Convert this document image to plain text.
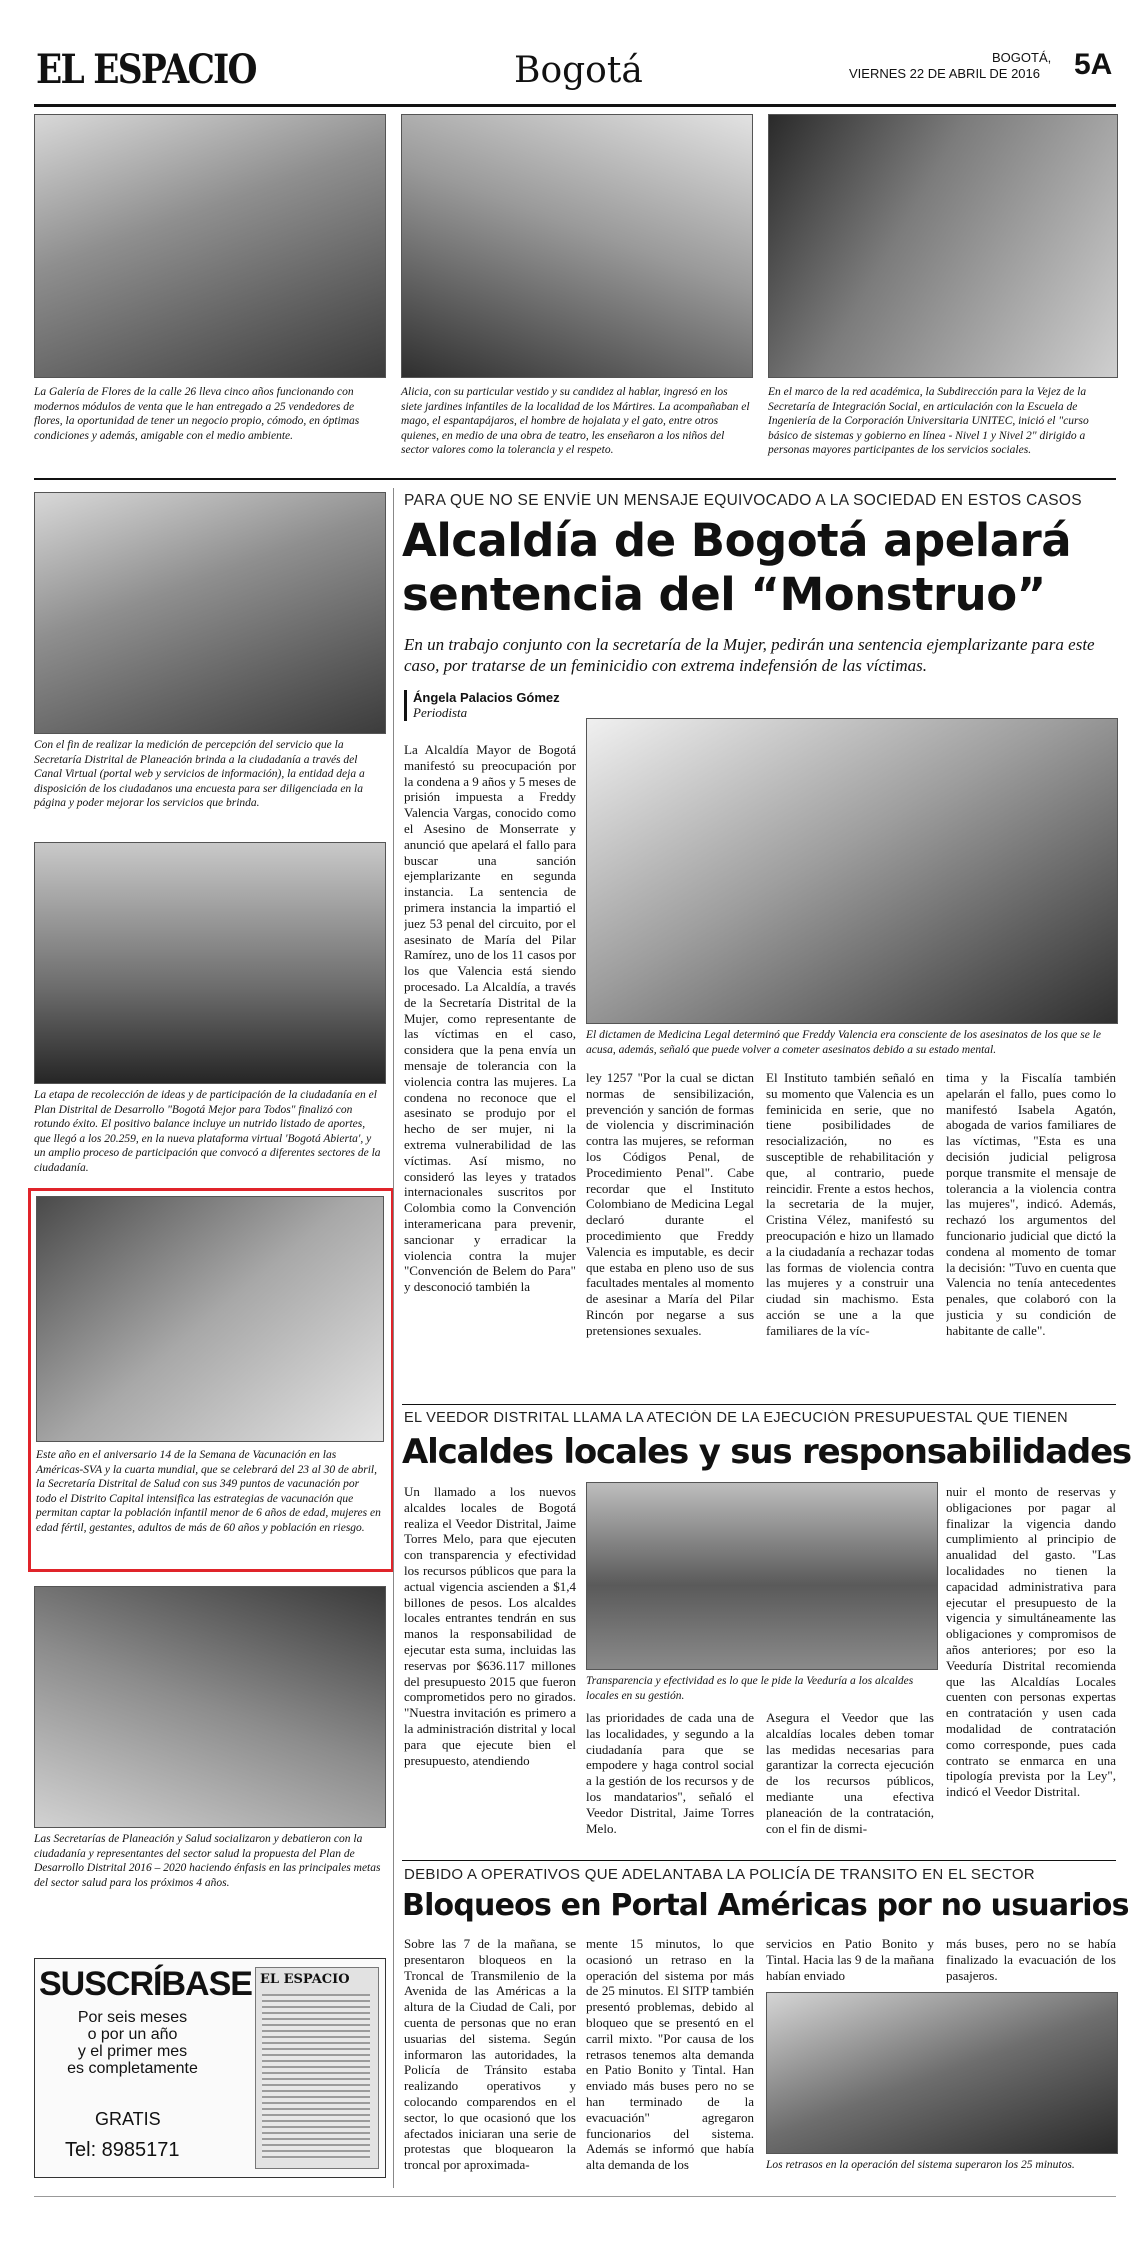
EL ESPACIO	Bogotá	BOGOTÁ,
VIERNES 22 DE ABRIL DE 2016 5A
La Galería de Flores de la calle 26 lleva cinco años funcionando con modernos módulos de venta que le han entregado a 25 vendedores de flores, la oportunidad de tener un negocio propio, cómodo, en óptimas condiciones y además, amigable con el medio ambiente.
Alicia, con su particular vestido y su candidez al hablar, ingresó en los siete jardines infantiles de la localidad de los Mártires. La acompañaban el mago, el espantapájaros, el hombre de hojalata y el gato, entre otros quienes, en medio de una obra de teatro, les enseñaron a los niños del sector valores como la tolerancia y el respeto.
En el marco de la red académica, la Subdirección para la Vejez de la Secretaría de Integración Social, en articulación con la Escuela de Ingeniería de la Corporación Universitaria UNITEC, inició el "curso básico de sistemas y gobierno en línea - Nivel 1 y Nivel 2" dirigido a personas mayores participantes de los servicios sociales.
Con el fin de realizar la medición de percepción del servicio que la Secretaría Distrital de Planeación brinda a la ciudadanía a través del Canal Virtual (portal web y servicios de información), la entidad deja a disposición de los ciudadanos una encuesta para ser diligenciada en la página y poder mejorar los servicios que brinda.
La etapa de recolección de ideas y de participación de la ciudadanía en el Plan Distrital de Desarrollo "Bogotá Mejor para Todos" finalizó con rotundo éxito. El positivo balance incluye un nutrido listado de aportes, que llegó a los 20.259, en la nueva plataforma virtual 'Bogotá Abierta', y un amplio proceso de participación que convocó a diferentes sectores de la ciudadanía.
Este año en el aniversario 14 de la Semana de Vacunación en las Américas-SVA y la cuarta mundial, que se celebrará del 23 al 30 de abril, la Secretaría Distrital de Salud con sus 349 puntos de vacunación por todo el Distrito Capital intensifica las estrategias de vacunación que permitan captar la población infantil menor de 6 años de edad, mujeres en edad fértil, gestantes, adultos de más de 60 años y población en riesgo.
Las Secretarías de Planeación y Salud socializaron y debatieron con la ciudadanía y representantes del sector salud la propuesta del Plan de Desarrollo Distrital 2016 – 2020 haciendo énfasis en las principales metas del sector salud para los próximos 4 años.
SUSCRÍBASE
Por seis meses
o por un año
y el primer mes
es completamente
GRATIS
Tel: 8985171
EL ESPACIO
PARA QUE NO SE ENVÍE UN MENSAJE EQUIVOCADO A LA SOCIEDAD EN ESTOS CASOS
Alcaldía de Bogotá apelará
sentencia del “Monstruo”
En un trabajo conjunto con la secretaría de la Mujer, pedirán una sentencia ejemplarizante para este caso, por tratarse de un feminicidio con extrema indefensión de las víctimas.
Ángela Palacios Gómez
Periodista
La Alcaldía Mayor de Bogotá manifestó su preocupación por la condena a 9 años y 5 meses de prisión impuesta a Freddy Valencia Vargas, conocido como el Asesino de Monserrate y anunció que apelará el fallo para buscar una sanción ejemplarizante en segunda instancia. La sentencia de primera instancia la impartió el juez 53 penal del circuito, por el asesinato de María del Pilar Ramírez, uno de los 11 casos por los que Valencia está siendo procesado. La Alcaldía, a través de la Secretaría Distrital de la Mujer, como representante de las víctimas en el caso, considera que la pena envía un mensaje de tolerancia con la violencia contra las mujeres. La condena no reconoce que el asesinato se produjo por el hecho de ser mujer, ni la extrema vulnerabilidad de las víctimas. Así mismo, no consideró las leyes y tratados internacionales suscritos por Colombia como la Convención interamericana para prevenir, sancionar y erradicar la violencia contra la mujer "Convención de Belem do Para" y desconoció también la
El dictamen de Medicina Legal determinó que Freddy Valencia era consciente de los asesinatos de los que se le acusa, además, señaló que puede volver a cometer asesinatos debido a su estado mental.
ley 1257 "Por la cual se dictan normas de sensibilización, prevención y sanción de formas de violencia y discriminación contra las mujeres, se reforman los Códigos Penal, de Procedimiento Penal". Cabe recordar que el Instituto Colombiano de Medicina Legal declaró durante el procedimiento que Freddy Valencia es imputable, es decir que estaba en pleno uso de sus facultades mentales al momento de asesinar a María del Pilar Rincón por negarse a sus pretensiones sexuales.
El Instituto también señaló en su momento que Valencia es un feminicida en serie, que no tiene posibilidades de resocialización, no es susceptible de rehabilitación y que, al contrario, puede reincidir. Frente a estos hechos, la secretaria de la mujer, Cristina Vélez, manifestó su preocupación e hizo un llamado a la ciudadanía a rechazar todas las formas de violencia contra las mujeres y a construir una ciudad sin machismo. Esta acción se une a la que familiares de la víc-
tima y la Fiscalía también apelarán el fallo, pues como lo manifestó Isabela Agatón, abogada de varios familiares de las víctimas, "Esta es una decisión judicial peligrosa porque transmite el mensaje de tolerancia a la violencia contra las mujeres", indicó. Además, rechazó los argumentos del funcionario judicial que dictó la condena al momento de tomar la decisión: "Tuvo en cuenta que Valencia no tenía antecedentes penales, que colaboró con la justicia y su condición de habitante de calle".
EL VEEDOR DISTRITAL LLAMA LA ATECIÓN DE LA EJECUCIÓN PRESUPUESTAL QUE TIENEN
Alcaldes locales y sus responsabilidades
Un llamado a los nuevos alcaldes locales de Bogotá realiza el Veedor Distrital, Jaime Torres Melo, para que ejecuten con transparencia y efectividad los recursos públicos que para la actual vigencia ascienden a $1,4 billones de pesos. Los alcaldes locales entrantes tendrán en sus manos la responsabilidad de ejecutar esta suma, incluidas las reservas por $636.117 millones del presupuesto 2015 que fueron comprometidos pero no girados. "Nuestra invitación es primero a la administración distrital y local para que ejecute bien el presupuesto, atendiendo
Transparencia y efectividad es lo que le pide la Veeduría a los alcaldes locales en su gestión.
las prioridades de cada una de las localidades, y segundo a la ciudadanía para que se empodere y haga control social a la gestión de los recursos y de los mandatarios", señaló el Veedor Distrital, Jaime Torres Melo.
Asegura el Veedor que las alcaldías locales deben tomar las medidas necesarias para garantizar la correcta ejecución de los recursos públicos, mediante una efectiva planeación de la contratación, con el fin de dismi-
nuir el monto de reservas y obligaciones por pagar al finalizar la vigencia dando cumplimiento al principio de anualidad del gasto. "Las localidades no tienen la capacidad administrativa para ejecutar el presupuesto de la vigencia y simultáneamente las obligaciones y compromisos de años anteriores; por eso la Veeduría Distrital recomienda que las Alcaldías Locales cuenten con personas expertas en contratación y usen cada modalidad de contratación como corresponde, pues cada contrato se enmarca en una tipología prevista por la Ley", indicó el Veedor Distrital.
DEBIDO A OPERATIVOS QUE ADELANTABA LA POLICÍA DE TRANSITO EN EL SECTOR
Bloqueos en Portal Américas por no usuarios
Sobre las 7 de la mañana, se presentaron bloqueos en la Troncal de Transmilenio de la Avenida de las Américas a la altura de la Ciudad de Cali, por cuenta de personas que no eran usuarias del sistema. Según informaron las autoridades, la Policía de Tránsito estaba realizando operativos y colocando comparendos en el sector, lo que ocasionó que los afectados iniciaran una serie de protestas que bloquearon la troncal por aproximada-
mente 15 minutos, lo que ocasionó un retraso en la operación del sistema por más de 25 minutos. El SITP también presentó problemas, debido al bloqueo que se presentó en el carril mixto. "Por causa de los retrasos tenemos alta demanda en Patio Bonito y Tintal. Han enviado más buses pero no se han terminado de la evacuación" agregaron funcionarios del sistema. Además se informó que había alta demanda de los
servicios en Patio Bonito y Tintal. Hacia las 9 de la mañana habían enviado
más buses, pero no se había finalizado la evacuación de los pasajeros.
Los retrasos en la operación del sistema superaron los 25 minutos.
